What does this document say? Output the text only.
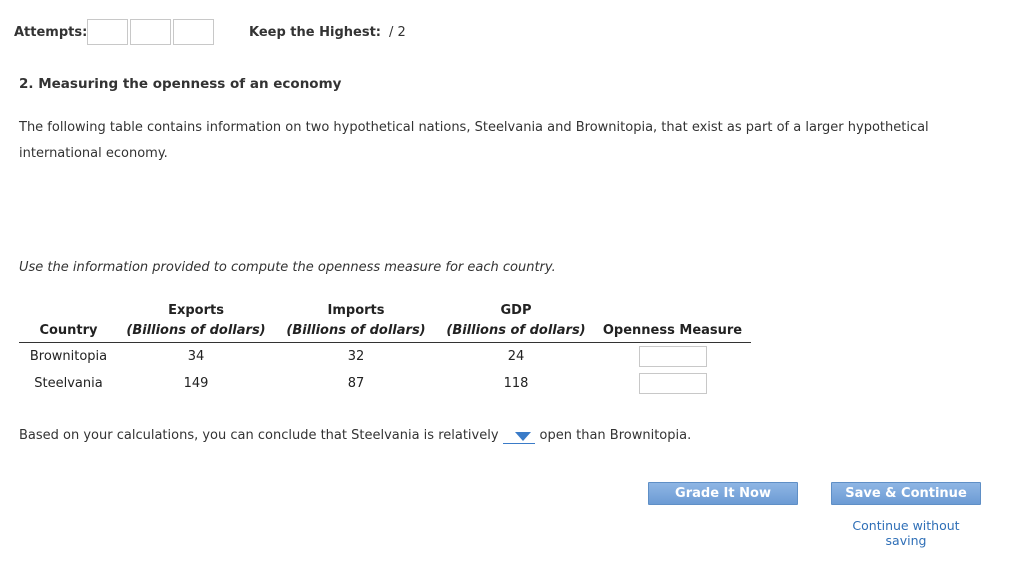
Attempts:	Keep the Highest: / 2
2. Measuring the openness of an economy
The following table contains information on two hypothetical nations, Steelvania and Brownitopia, that exist as part of a larger hypothetical international economy.
Use the information provided to compute the openness measure for each country.
	Exports	Imports	GDP	
Country	(Billions of dollars)	(Billions of dollars)	(Billions of dollars)	Openness Measure
Brownitopia	34	32	24	
Steelvania	149	87	118	
Based on your calculations, you can conclude that Steelvania is relatively	open than Brownitopia.
Grade It Now	Save & Continue
Continue without saving
